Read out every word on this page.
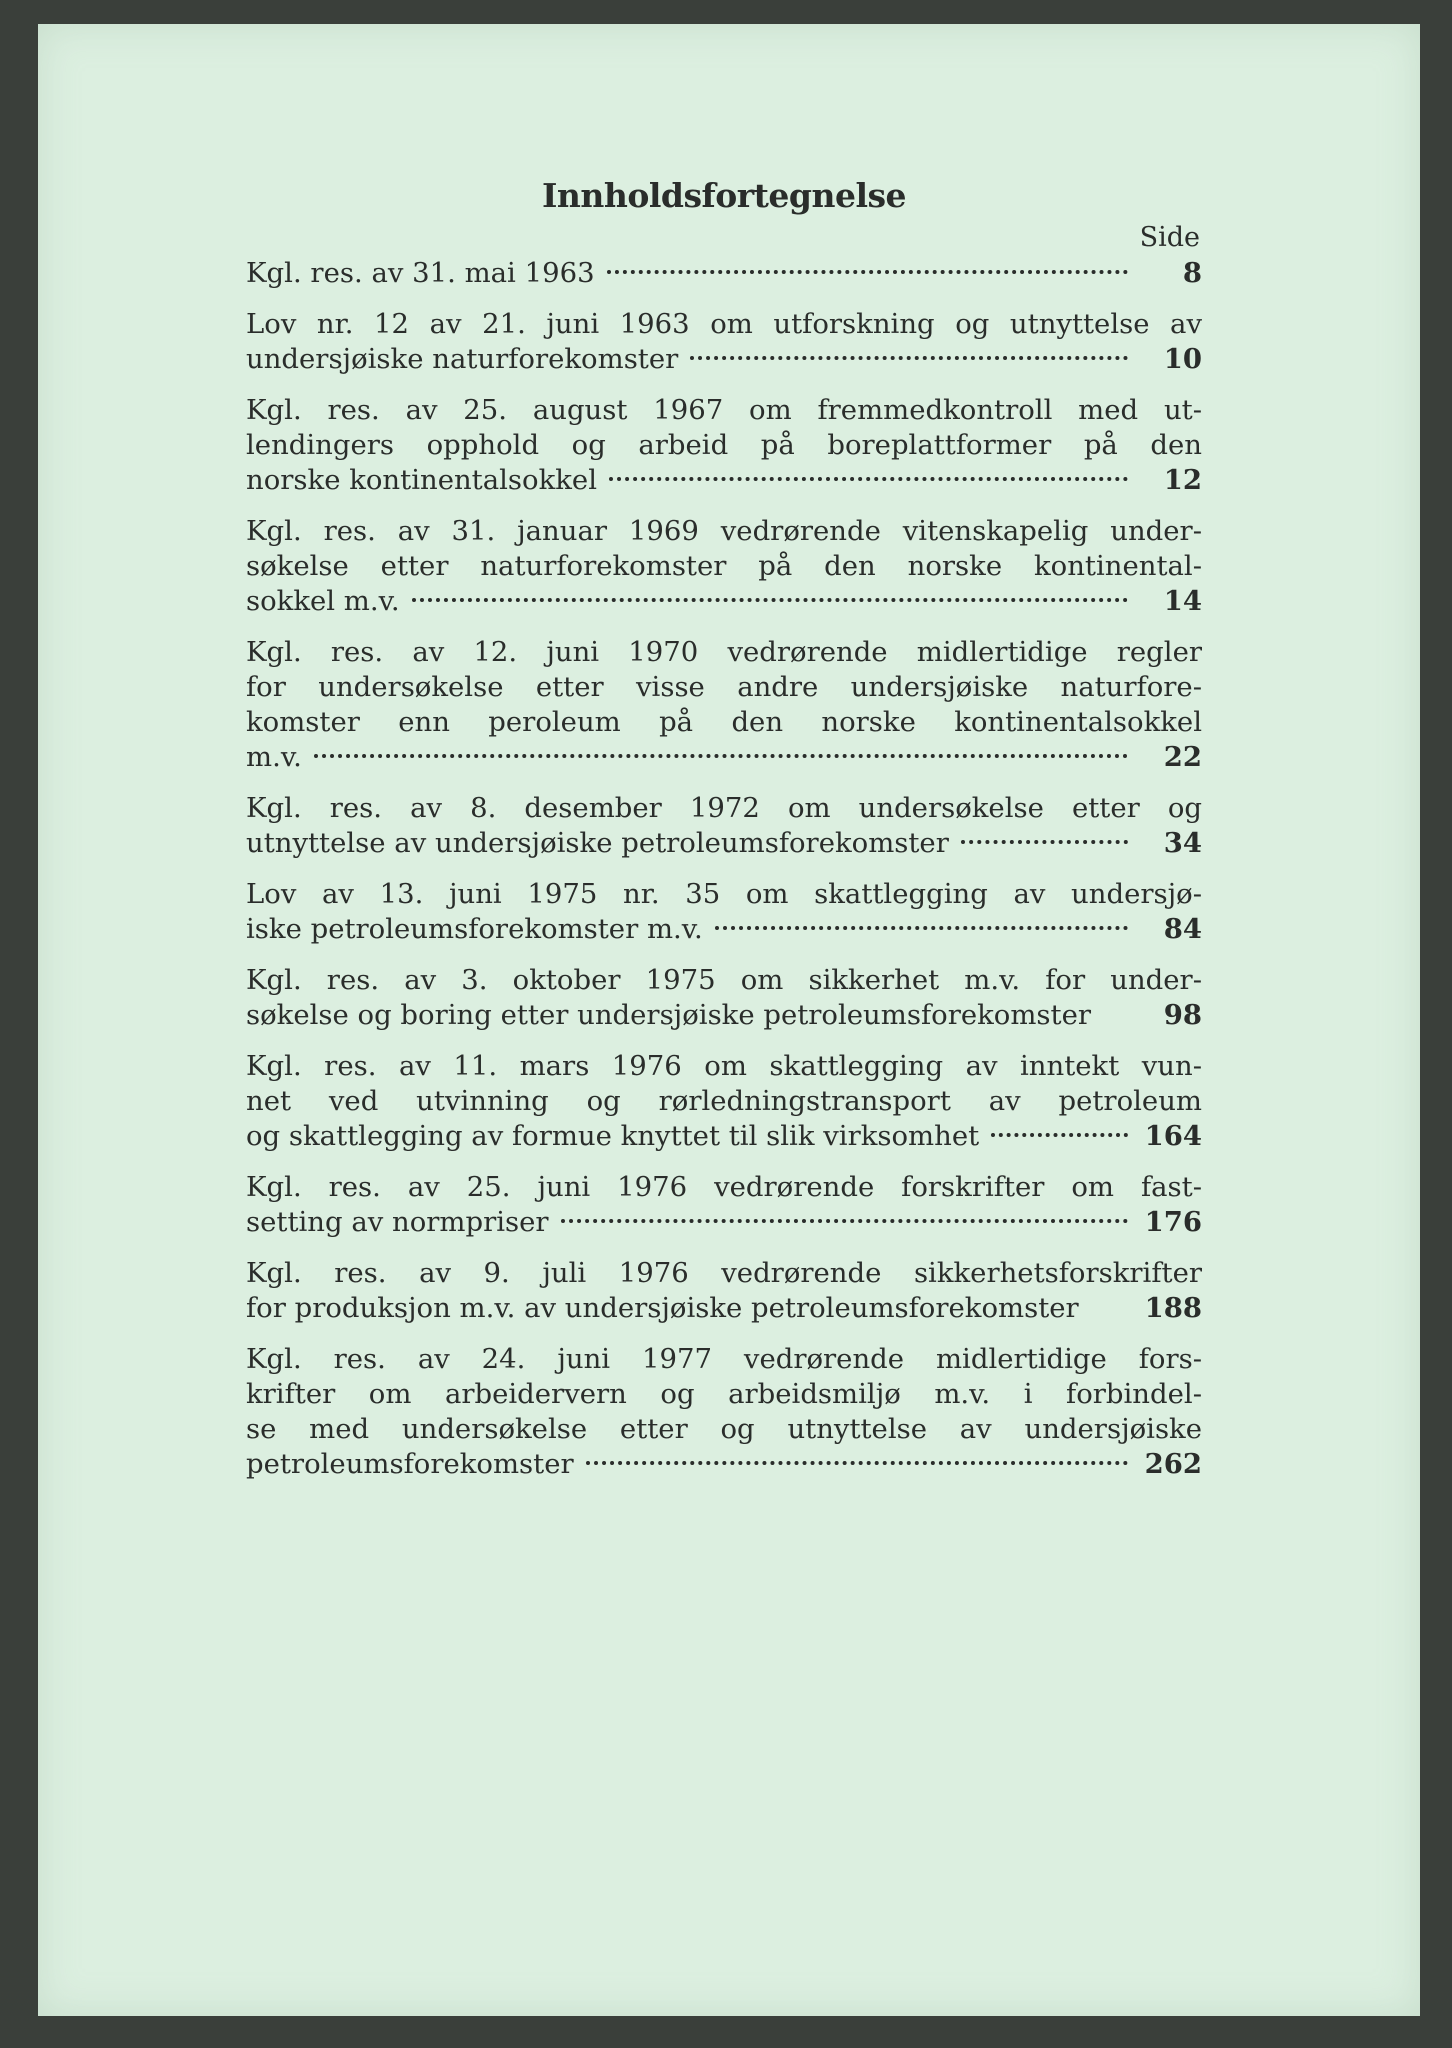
Innholdsfortegnelse
Side
Kgl. res. av 31. mai 1963	8
Lov nr. 12 av 21. juni 1963 om utforskning og utnyttelse av
undersjøiske naturforekomster	10
Kgl. res. av 25. august 1967 om fremmedkontroll med ut-
lendingers opphold og arbeid på boreplattformer på den
norske kontinentalsokkel	12
Kgl. res. av 31. januar 1969 vedrørende vitenskapelig under-
søkelse etter naturforekomster på den norske kontinental-
sokkel m.v.	14
Kgl. res. av 12. juni 1970 vedrørende midlertidige regler
for undersøkelse etter visse andre undersjøiske naturfore-
komster enn peroleum på den norske kontinentalsokkel
m.v.	22
Kgl. res. av 8. desember 1972 om undersøkelse etter og
utnyttelse av undersjøiske petroleumsforekomster	34
Lov av 13. juni 1975 nr. 35 om skattlegging av undersjø-
iske petroleumsforekomster m.v.	84
Kgl. res. av 3. oktober 1975 om sikkerhet m.v. for under-
søkelse og boring etter undersjøiske petroleumsforekomster	98
Kgl. res. av 11. mars 1976 om skattlegging av inntekt vun-
net ved utvinning og rørledningstransport av petroleum
og skattlegging av formue knyttet til slik virksomhet	164
Kgl. res. av 25. juni 1976 vedrørende forskrifter om fast-
setting av normpriser	176
Kgl. res. av 9. juli 1976 vedrørende sikkerhetsforskrifter
for produksjon m.v. av undersjøiske petroleumsforekomster	188
Kgl. res. av 24. juni 1977 vedrørende midlertidige fors-
krifter om arbeidervern og arbeidsmiljø m.v. i forbindel-
se med undersøkelse etter og utnyttelse av undersjøiske
petroleumsforekomster	262
